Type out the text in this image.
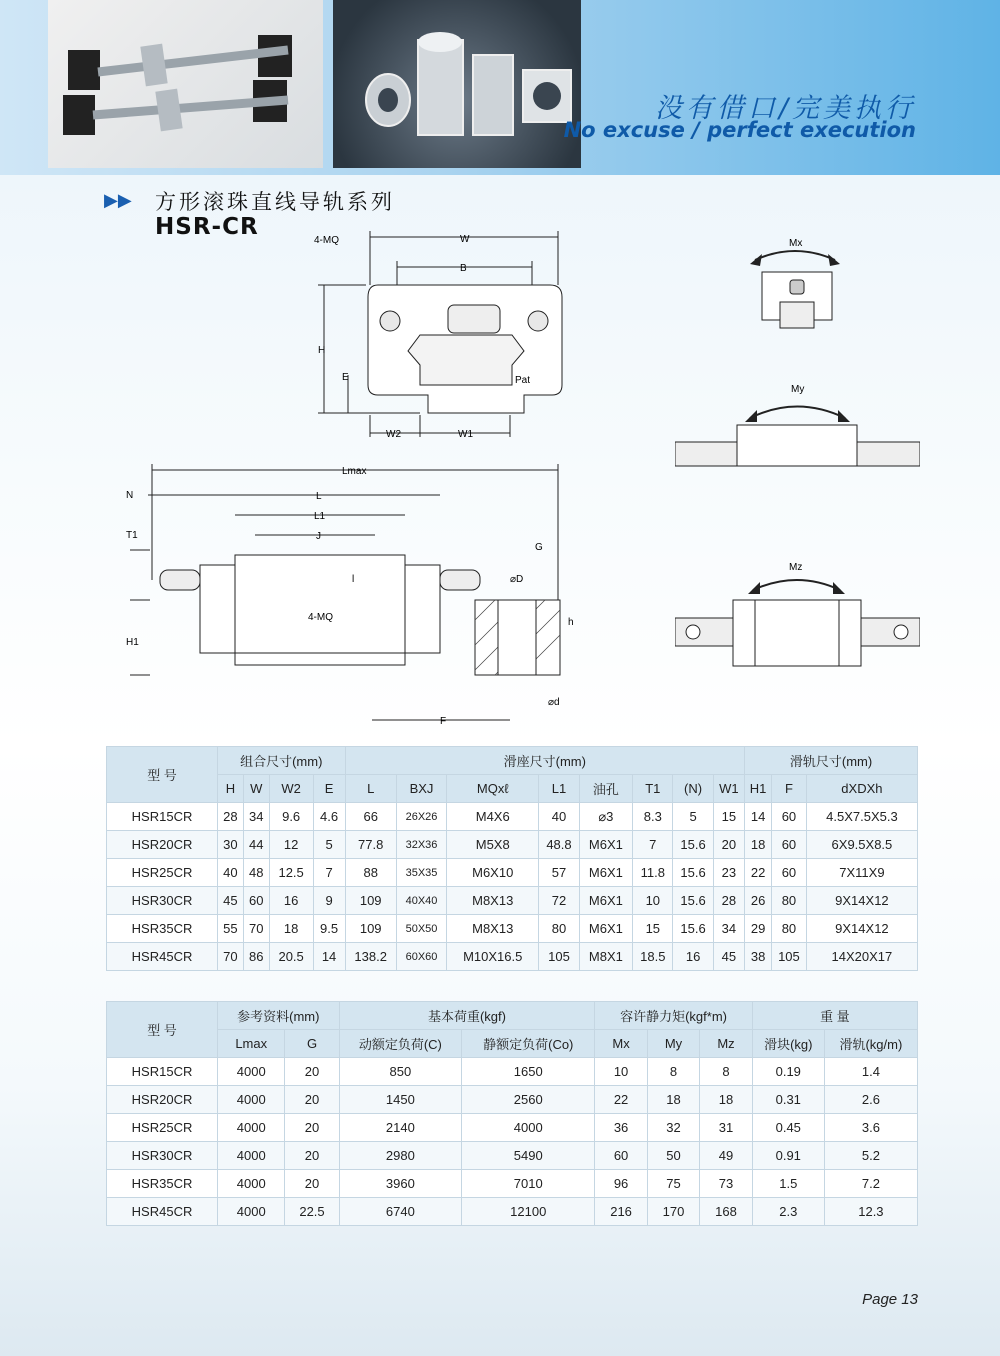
没有借口/完美执行
No excuse / perfect execution
▶▶ 方形滚珠直线导轨系列
HSR-CR
4-MQ	W
B
H
E	Pat
W2	W1
Lmax
N	L
L1
J
T1
H1
4-MQ
l
G
⌀D
h
⌀d
F
Mx
My
Mz
型 号	组合尺寸(mm)				滑座尺寸(mm)								滑轨尺寸(mm)		
	H	W	W2	E	L	BXJ	MQxℓ	L1	油孔	T1	(N)	W1	H1	F	dXDXh
HSR15CR	28	34	9.6	4.6	66	26X26	M4X6	40	⌀3	8.3	5	15	14	60	4.5X7.5X5.3
HSR20CR	30	44	12	5	77.8	32X36	M5X8	48.8	M6X1	7	15.6	20	18	60	6X9.5X8.5
HSR25CR	40	48	12.5	7	88	35X35	M6X10	57	M6X1	11.8	15.6	23	22	60	7X11X9
HSR30CR	45	60	16	9	109	40X40	M8X13	72	M6X1	10	15.6	28	26	80	9X14X12
HSR35CR	55	70	18	9.5	109	50X50	M8X13	80	M6X1	15	15.6	34	29	80	9X14X12
HSR45CR	70	86	20.5	14	138.2	60X60	M10X16.5	105	M8X1	18.5	16	45	38	105	14X20X17
型 号	参考资料(mm)		基本荷重(kgf)		容许静力矩(kgf*m)			重 量	
	Lmax	G	动额定负荷(C)	静额定负荷(Co)	Mx	My	Mz	滑块(kg)	滑轨(kg/m)
HSR15CR	4000	20	850	1650	10	8	8	0.19	1.4
HSR20CR	4000	20	1450	2560	22	18	18	0.31	2.6
HSR25CR	4000	20	2140	4000	36	32	31	0.45	3.6
HSR30CR	4000	20	2980	5490	60	50	49	0.91	5.2
HSR35CR	4000	20	3960	7010	96	75	73	1.5	7.2
HSR45CR	4000	22.5	6740	12100	216	170	168	2.3	12.3
Page 13
